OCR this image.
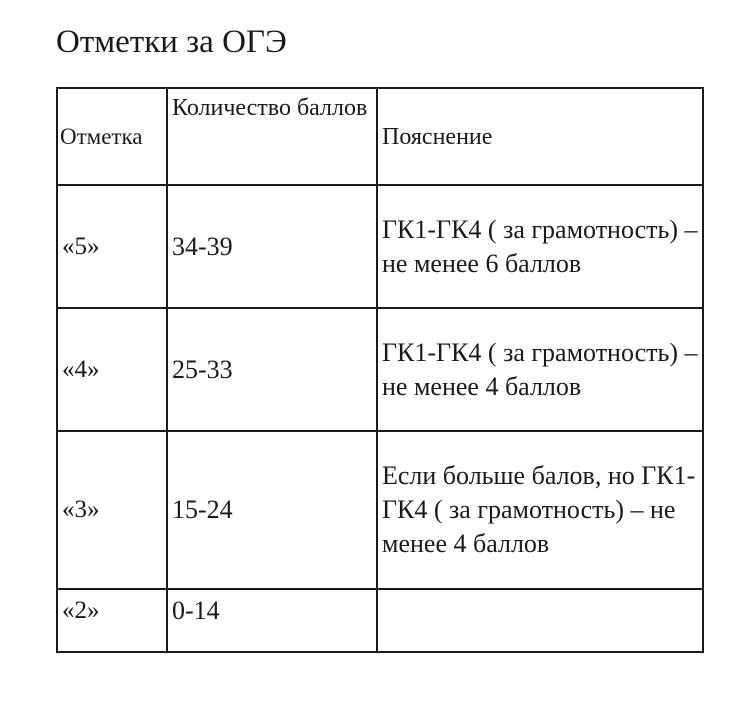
Отметки за ОГЭ
Отметка	Количество баллов	Пояснение
«5»	34-39	ГК1-ГК4 ( за грамотность) – не менее 6 баллов
«4»	25-33	ГК1-ГК4 ( за грамотность) – не менее 4 баллов
«3»	15-24	Если больше балов, но ГК1-ГК4 ( за грамотность) – не менее 4 баллов
«2»	0-14	
